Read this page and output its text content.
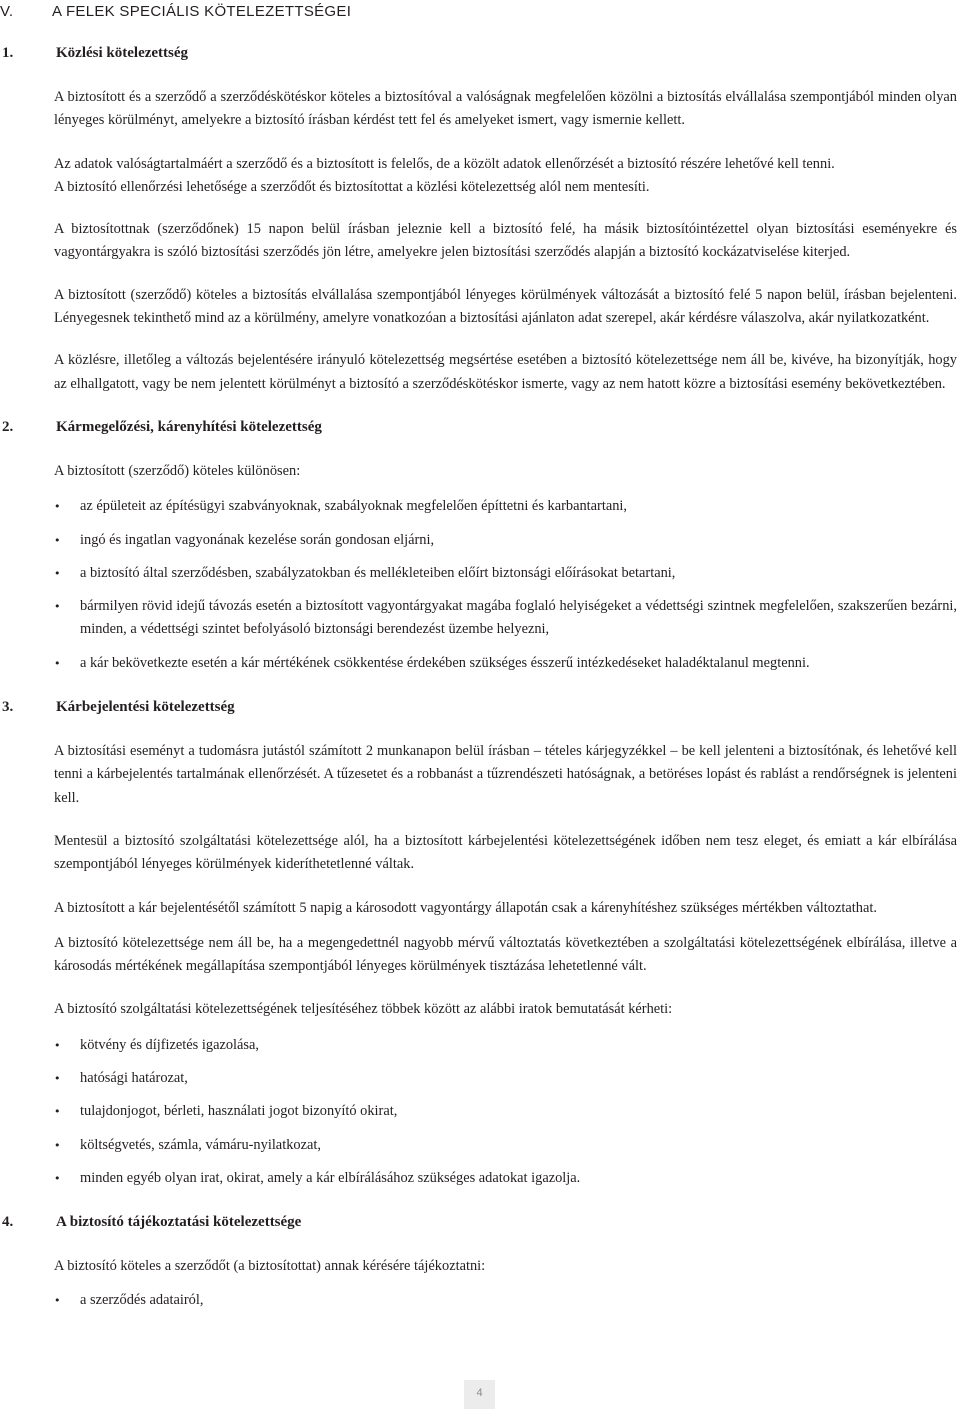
V.	A FELEK SPECIÁLIS KÖTELEZETTSÉGEI
1.	Közlési kötelezettség

A biztosított és a szerződő a szerződéskötéskor köteles a biztosítóval a valóságnak megfelelően közölni a biztosítás elvállalása szempontjából minden olyan lényeges körülményt, amelyekre a biztosító írásban kérdést tett fel és amelyeket ismert, vagy ismernie kellett.

Az adatok valóságtartalmáért a szerződő és a biztosított is felelős, de a közölt adatok ellenőrzését a biztosító részére lehetővé kell tenni.

A biztosító ellenőrzési lehetősége a szerződőt és biztosítottat a közlési kötelezettség alól nem mentesíti.

A biztosítottnak (szerződőnek) 15 napon belül írásban jeleznie kell a biztosító felé, ha másik biztosítóintézettel olyan biztosítási eseményekre és vagyontárgyakra is szóló biztosítási szerződés jön létre, amelyekre jelen biztosítási szerződés alapján a biztosító kockázatviselése kiterjed.

A biztosított (szerződő) köteles a biztosítás elvállalása szempontjából lényeges körülmények változását a biztosító felé 5 napon belül, írásban bejelenteni. Lényegesnek tekinthető mind az a körülmény, amelyre vonatkozóan a biztosítási ajánlaton adat szerepel, akár kérdésre válaszolva, akár nyilatkozatként.

A közlésre, illetőleg a változás bejelentésére irányuló kötelezettség megsértése esetében a biztosító kötelezettsége nem áll be, kivéve, ha bizonyítják, hogy az elhallgatott, vagy be nem jelentett körülményt a biztosító a szerződéskötéskor ismerte, vagy az nem hatott közre a biztosítási esemény bekövetkeztében.

2.	Kármegelőzési, kárenyhítési kötelezettség

A biztosított (szerződő) köteles különösen:

• az épületeit az építésügyi szabványoknak, szabályoknak megfelelően építtetni és karbantartani,
• ingó és ingatlan vagyonának kezelése során gondosan eljárni,
• a biztosító által szerződésben, szabályzatokban és mellékleteiben előírt biztonsági előírásokat betartani,
• bármilyen rövid idejű távozás esetén a biztosított vagyontárgyakat magába foglaló helyiségeket a védettségi szintnek megfelelően, szakszerűen bezárni, minden, a védettségi szintet befolyásoló biztonsági berendezést üzembe helyezni,
• a kár bekövetkezte esetén a kár mértékének csökkentése érdekében szükséges ésszerű intézkedéseket haladéktalanul megtenni.
3.	Kárbejelentési kötelezettség

A biztosítási eseményt a tudomásra jutástól számított 2 munkanapon belül írásban – tételes kárjegyzékkel – be kell jelenteni a biztosítónak, és lehetővé kell tenni a kárbejelentés tartalmának ellenőrzését. A tűzesetet és a robbanást a tűzrendészeti hatóságnak, a betöréses lopást és rablást a rendőrségnek is jelenteni kell.

Mentesül a biztosító szolgáltatási kötelezettsége alól, ha a biztosított kárbejelentési kötelezettségének időben nem tesz eleget, és emiatt a kár elbírálása szempontjából lényeges körülmények kideríthetetlenné váltak.

A biztosított a kár bejelentésétől számított 5 napig a károsodott vagyontárgy állapotán csak a kárenyhítéshez szükséges mértékben változtathat.

A biztosító kötelezettsége nem áll be, ha a megengedettnél nagyobb mérvű változtatás következtében a szolgáltatási kötelezettségének elbírálása, illetve a károsodás mértékének megállapítása szempontjából lényeges körülmények tisztázása lehetetlenné vált.

A biztosító szolgáltatási kötelezettségének teljesítéséhez többek között az alábbi iratok bemutatását kérheti:

• kötvény és díjfizetés igazolása,
• hatósági határozat,
• tulajdonjogot, bérleti, használati jogot bizonyító okirat,
• költségvetés, számla, vámáru-nyilatkozat,
• minden egyéb olyan irat, okirat, amely a kár elbírálásához szükséges adatokat igazolja.
4.	A biztosító tájékoztatási kötelezettsége

A biztosító köteles a szerződőt (a biztosítottat) annak kérésére tájékoztatni:

• a szerződés adatairól,
4
